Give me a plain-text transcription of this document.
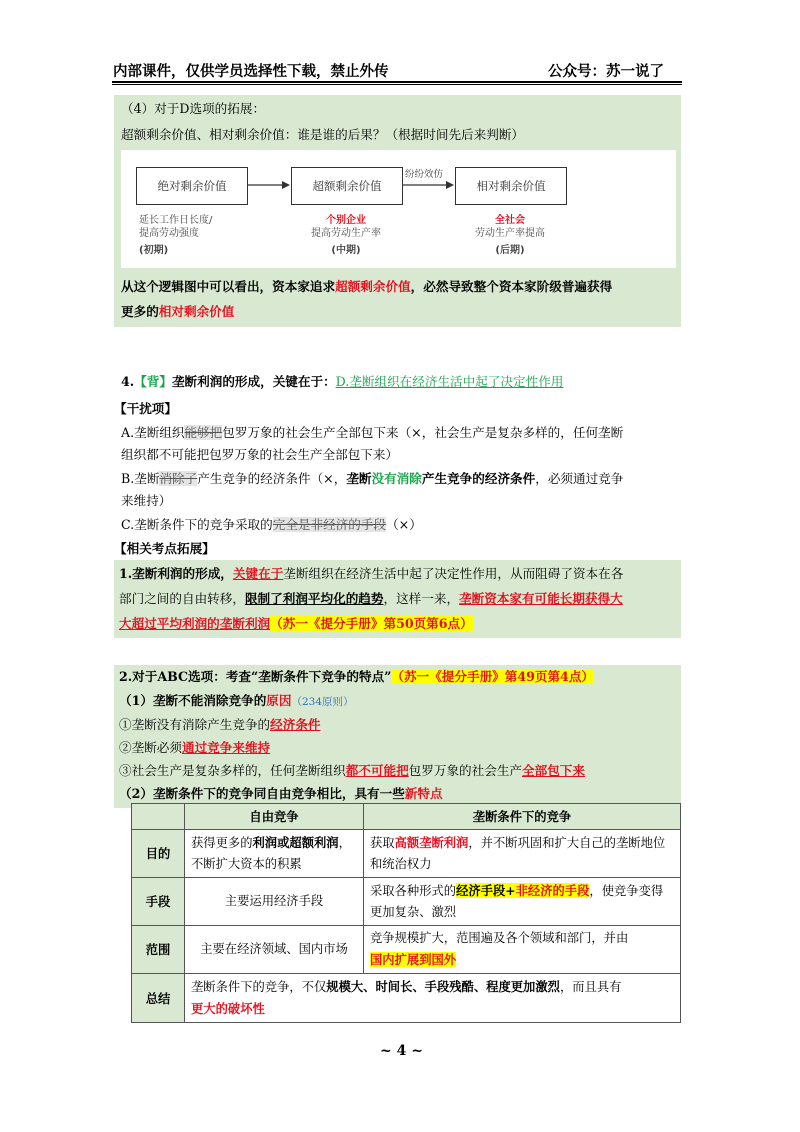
内部课件，仅供学员选择性下载，禁止外传	公众号：苏一说了
（4）对于D选项的拓展：
超额剩余价值、相对剩余价值：谁是谁的后果？（根据时间先后来判断）
绝对剩余价值	超额剩余价值	相对剩余价值
纷纷效仿
延长工作日长度/
提高劳动强度
(初期)
个别企业
提高劳动生产率
(中期)
全社会
劳动生产率提高
(后期)
从这个逻辑图中可以看出，资本家追求超额剩余价值，必然导致整个资本家阶级普遍获得
更多的相对剩余价值
4.【背】垄断利润的形成，关键在于：D.垄断组织在经济生活中起了决定性作用
【干扰项】
A.垄断组织能够把包罗万象的社会生产全部包下来（×，社会生产是复杂多样的，任何垄断
组织都不可能把包罗万象的社会生产全部包下来）
B.垄断消除了产生竞争的经济条件（×，垄断没有消除产生竞争的经济条件，必须通过竞争
来维持）
C.垄断条件下的竞争采取的完全是非经济的手段（×）
【相关考点拓展】
1.垄断利润的形成，关键在于垄断组织在经济生活中起了决定性作用，从而阻碍了资本在各
部门之间的自由转移，限制了利润平均化的趋势，这样一来，垄断资本家有可能长期获得大
大超过平均利润的垄断利润（苏一《提分手册》第50页第6点）
2.对于ABC选项：考查“垄断条件下竞争的特点”（苏一《提分手册》第49页第4点）
（1）垄断不能消除竞争的原因（234原则）
①垄断没有消除产生竞争的经济条件
②垄断必须通过竞争来维持
③社会生产是复杂多样的，任何垄断组织都不可能把包罗万象的社会生产全部包下来
（2）垄断条件下的竞争同自由竞争相比，具有一些新特点
	自由竞争	垄断条件下的竞争
目的	获得更多的利润或超额利润，不断扩大资本的积累	获取高额垄断利润，并不断巩固和扩大自己的垄断地位和统治权力
手段	主要运用经济手段	采取各种形式的经济手段+非经济的手段，使竞争变得更加复杂、激烈
范围	主要在经济领域、国内市场	竞争规模扩大，范围遍及各个领域和部门，并由
国内扩展到国外
总结	垄断条件下的竞争，不仅规模大、时间长、手段残酷、程度更加激烈，而且具有
更大的破坏性	
~ 4 ~
